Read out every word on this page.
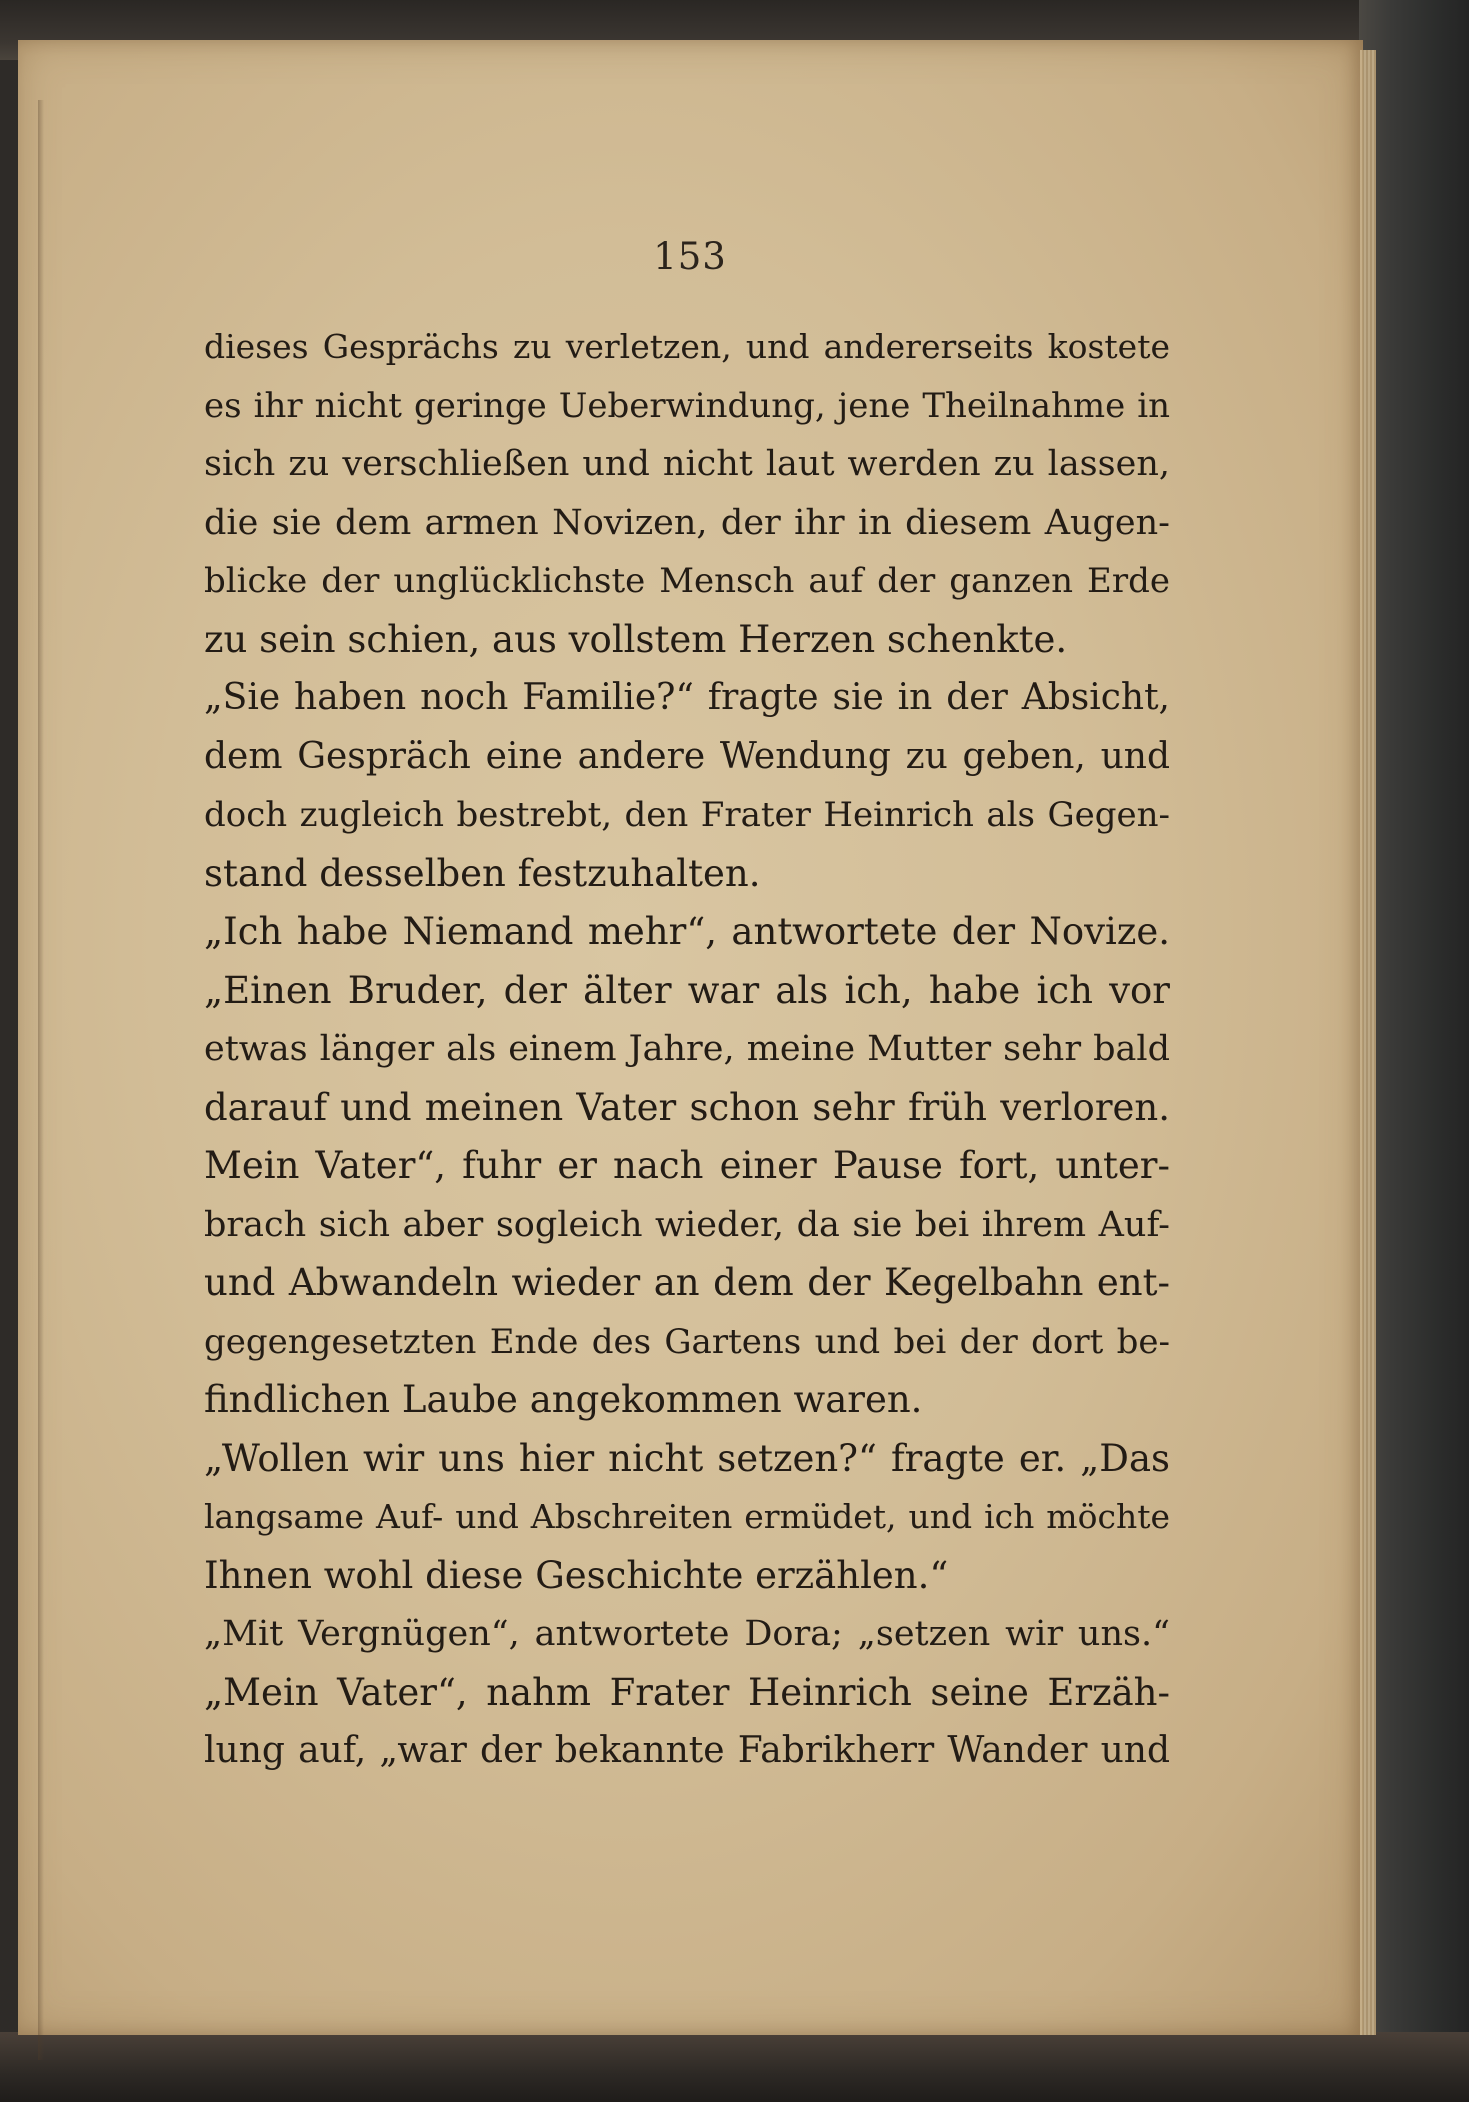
153
dieses Gesprächs zu verletzen, und andererseits kostete
es ihr nicht geringe Ueberwindung, jene Theilnahme in
sich zu verschließen und nicht laut werden zu lassen,
die sie dem armen Novizen, der ihr in diesem Augen-
blicke der unglücklichste Mensch auf der ganzen Erde
zu sein schien, aus vollstem Herzen schenkte.
„Sie haben noch Familie?“ fragte sie in der Absicht,
dem Gespräch eine andere Wendung zu geben, und
doch zugleich bestrebt, den Frater Heinrich als Gegen-
stand desselben festzuhalten.
„Ich habe Niemand mehr“, antwortete der Novize.
„Einen Bruder, der älter war als ich, habe ich vor
etwas länger als einem Jahre, meine Mutter sehr bald
darauf und meinen Vater schon sehr früh verloren.
Mein Vater“, fuhr er nach einer Pause fort, unter-
brach sich aber sogleich wieder, da sie bei ihrem Auf-
und Abwandeln wieder an dem der Kegelbahn ent-
gegengesetzten Ende des Gartens und bei der dort be-
findlichen Laube angekommen waren.
„Wollen wir uns hier nicht setzen?“ fragte er. „Das
langsame Auf- und Abschreiten ermüdet, und ich möchte
Ihnen wohl diese Geschichte erzählen.“
„Mit Vergnügen“, antwortete Dora; „setzen wir uns.“
„Mein Vater“, nahm Frater Heinrich seine Erzäh-
lung auf, „war der bekannte Fabrikherr Wander und
